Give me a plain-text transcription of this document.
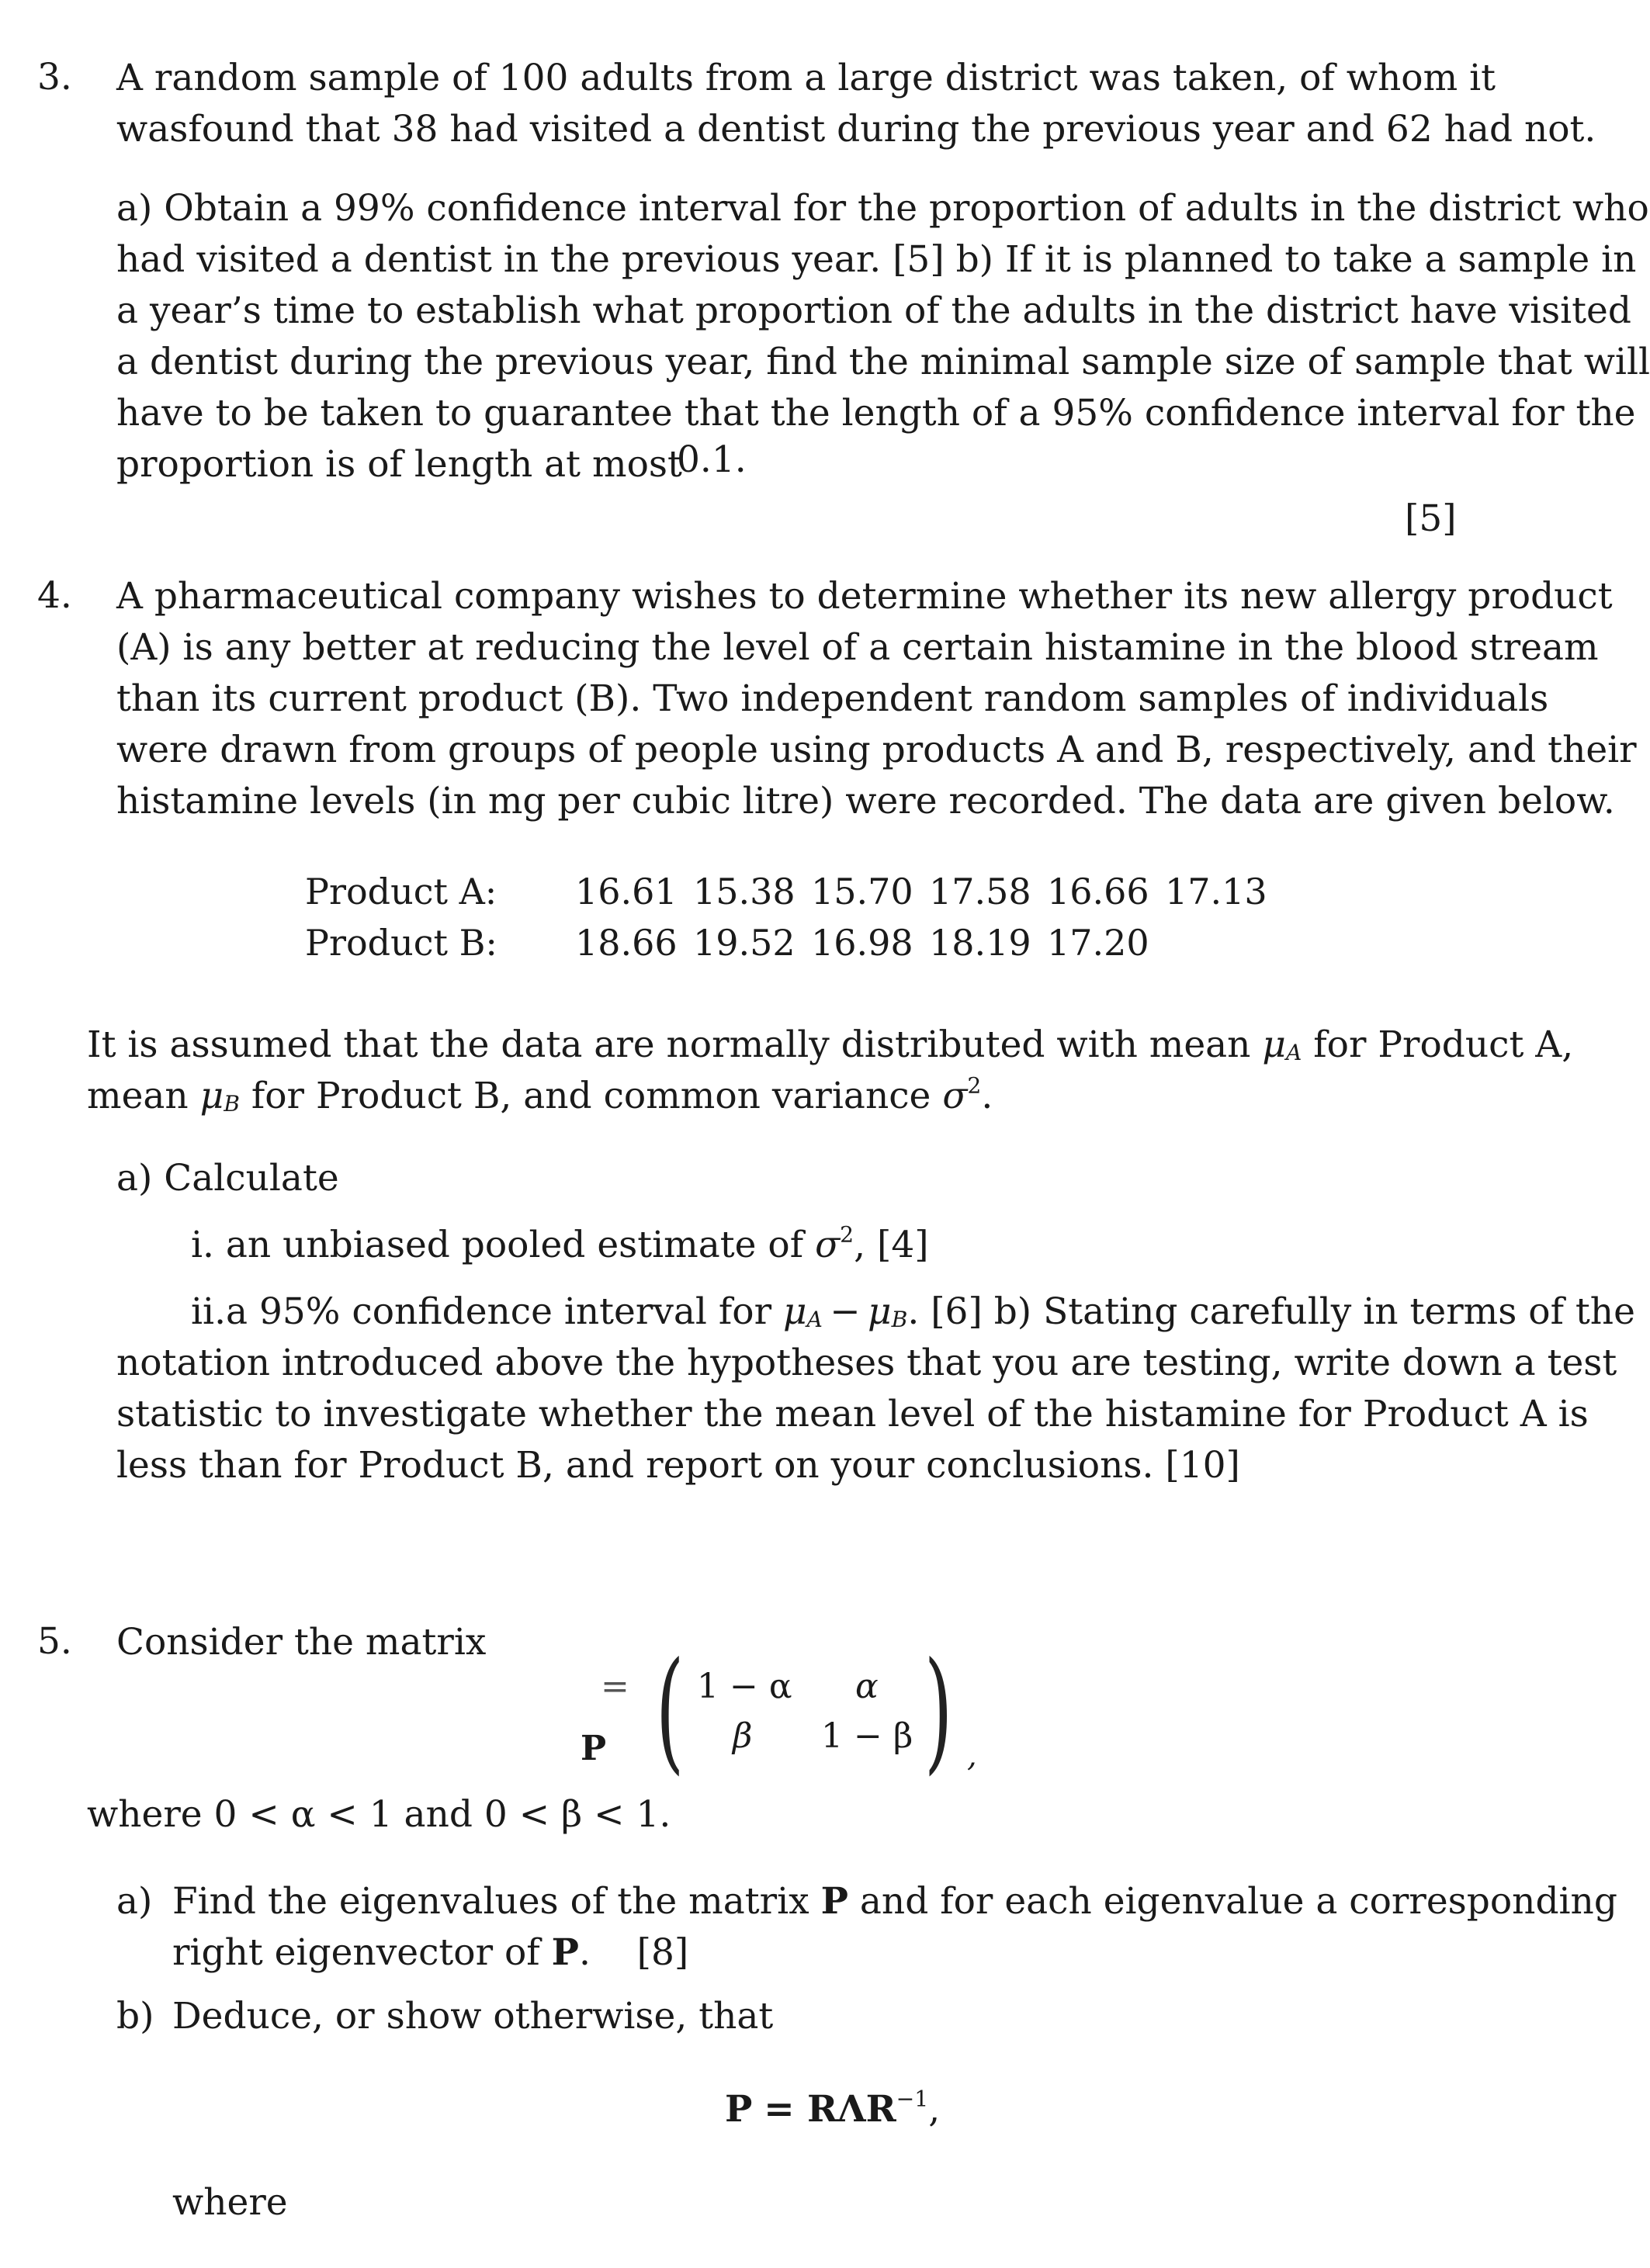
3. A random sample of 100 adults from a large district was taken, of whom it
wasfound that 38 had visited a dentist during the previous year and 62 had not.
a) Obtain a 99% confidence interval for the proportion of adults in the district who
had visited a dentist in the previous year. [5] b) If it is planned to take a sample in
a year’s time to establish what proportion of the adults in the district have visited
a dentist during the previous year, find the minimal sample size of sample that will
have to be taken to guarantee that the length of a 95% confidence interval for the
proportion is of length at most
0.1.
[5]
4. A pharmaceutical company wishes to determine whether its new allergy product
(A) is any better at reducing the level of a certain histamine in the blood stream
than its current product (B). Two independent random samples of individuals
were drawn from groups of people using products A and B, respectively, and their
histamine levels (in mg per cubic litre) were recorded. The data are given below.
Product A: 16.61 15.38 15.70 17.58 16.66 17.13
Product B: 18.66 19.52 16.98 18.19 17.20
It is assumed that the data are normally distributed with mean $\mu_A$ for Product A,
mean $\mu_B$ for Product B, and common variance $\sigma^2$.
a) Calculate
i. an unbiased pooled estimate of $\sigma^2$, [4]
ii.a 95% confidence interval for $\mu_A - \mu_B$. [6] b) Stating carefully in terms of the
notation introduced above the hypotheses that you are testing, write down a test
statistic to investigate whether the mean level of the histamine for Product A is
less than for Product B, and report on your conclusions. [10]
5. Consider the matrix
P
= ( 1 − α α
β 1 − β ) ,
where 0 < α < 1 and 0 < β < 1.
a) Find the eigenvalues of the matrix P and for each eigenvalue a corresponding
right eigenvector of P.    [8]
b) Deduce, or show otherwise, that
$P = R\Lambda R^{-1}$,
where
